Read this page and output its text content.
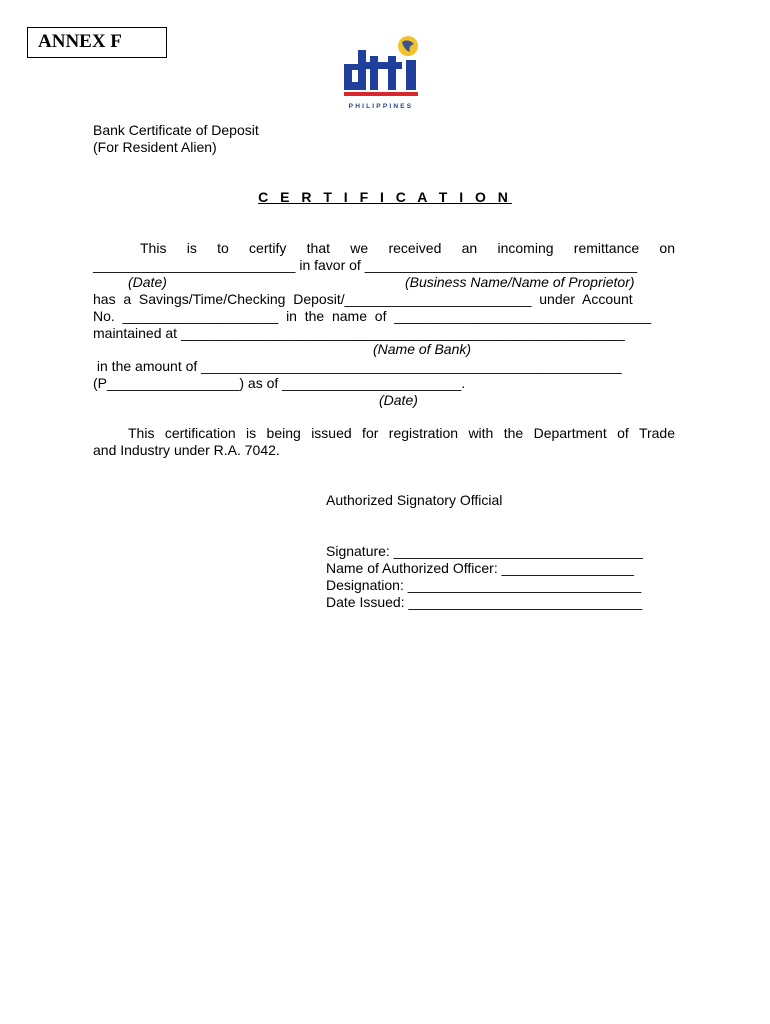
ANNEX F
PHILIPPINES
Bank Certificate of Deposit
(For Resident Alien)
C E R T I F I C A T I O N
This   is   to   certify   that   we   received   an   incoming   remittance   on
__________________________ in favor of ___________________________________
(Date)	(Business Name/Name of Proprietor)
has  a  Savings/Time/Checking  Deposit/________________________  under  Account
No.  ____________________  in  the  name  of  _________________________________
maintained at _________________________________________________________
(Name of Bank)
in the amount of ______________________________________________________
(P_________________) as of _______________________.
(Date)
This certification is being issued for registration with the Department of Trade
and Industry under R.A. 7042.
Authorized Signatory Official
Signature: ________________________________
Name of Authorized Officer: _________________
Designation: ______________________________
Date Issued: ______________________________
